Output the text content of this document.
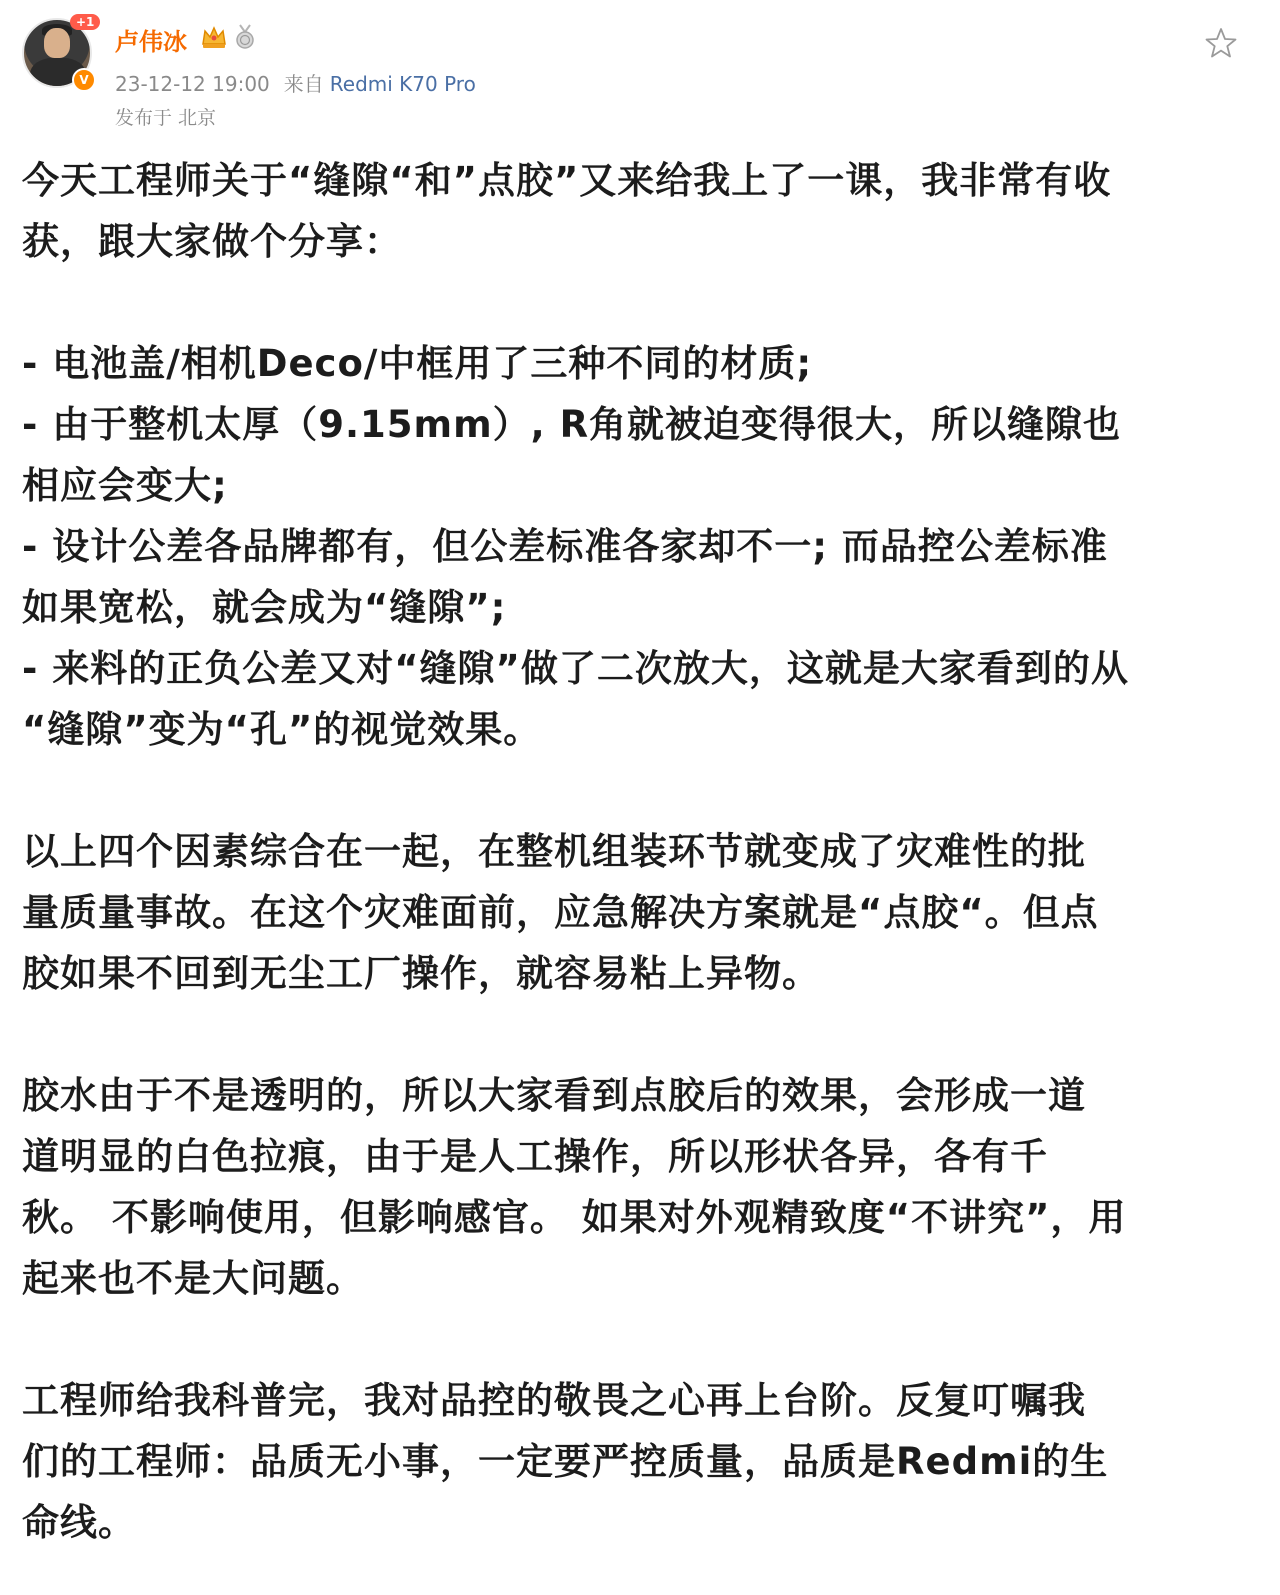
+1
V
卢伟冰
23-12-12 19:00 来自 Redmi K70 Pro
发布于 北京

今天工程师关于“缝隙“和”点胶”又来给我上了一课，我非常有收
获，跟大家做个分享：

- 电池盖/相机Deco/中框用了三种不同的材质;
- 由于整机太厚（9.15mm）, R角就被迫变得很大，所以缝隙也
相应会变大;
- 设计公差各品牌都有，但公差标准各家却不一; 而品控公差标准
如果宽松，就会成为“缝隙”;
- 来料的正负公差又对“缝隙”做了二次放大，这就是大家看到的从
“缝隙”变为“孔”的视觉效果。

以上四个因素综合在一起，在整机组装环节就变成了灾难性的批
量质量事故。在这个灾难面前，应急解决方案就是“点胶“。但点
胶如果不回到无尘工厂操作，就容易粘上异物。

胶水由于不是透明的，所以大家看到点胶后的效果，会形成一道
道明显的白色拉痕，由于是人工操作，所以形状各异，各有千
秋。 不影响使用，但影响感官。 如果对外观精致度“不讲究”，用
起来也不是大问题。

工程师给我科普完，我对品控的敬畏之心再上台阶。反复叮嘱我
们的工程师：品质无小事，一定要严控质量，品质是Redmi的生
命线。
